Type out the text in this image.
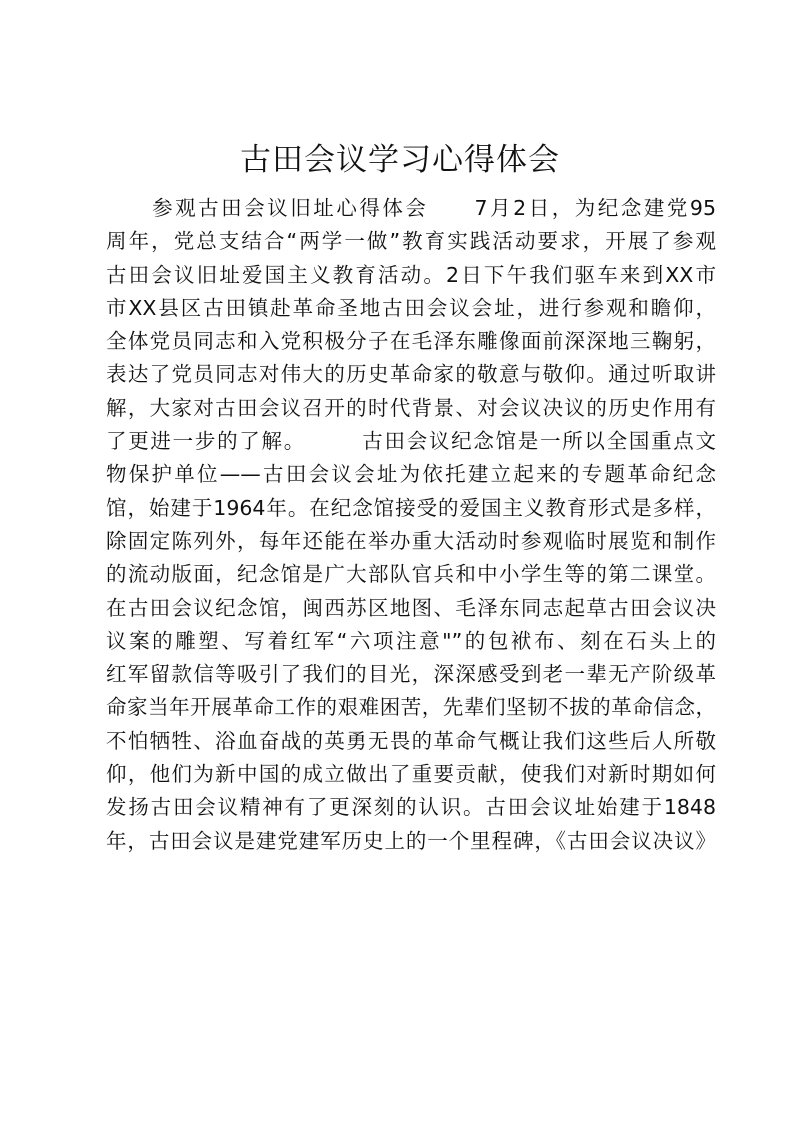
古田会议学习心得体会
　　参观古田会议旧址心得体会　　7月2日，为纪念建党95
周年，党总支结合“两学一做”教育实践活动要求，开展了参观
古田会议旧址爱国主义教育活动。2日下午我们驱车来到XX市
市XX县区古田镇赴革命圣地古田会议会址，进行参观和瞻仰，
全体党员同志和入党积极分子在毛泽东雕像面前深深地三鞠躬，
表达了党员同志对伟大的历史革命家的敬意与敬仰。通过听取讲
解，大家对古田会议召开的时代背景、对会议决议的历史作用有
了更进一步的了解。　　　古田会议纪念馆是一所以全国重点文
物保护单位——古田会议会址为依托建立起来的专题革命纪念
馆，始建于1964年。在纪念馆接受的爱国主义教育形式是多样，
除固定陈列外，每年还能在举办重大活动时参观临时展览和制作
的流动版面，纪念馆是广大部队官兵和中小学生等的第二课堂。
在古田会议纪念馆，闽西苏区地图、毛泽东同志起草古田会议决
议案的雕塑、写着红军“六项注意"”的包袱布、刻在石头上的
红军留款信等吸引了我们的目光，深深感受到老一辈无产阶级革
命家当年开展革命工作的艰难困苦，先辈们坚韧不拔的革命信念，
不怕牺牲、浴血奋战的英勇无畏的革命气概让我们这些后人所敬
仰，他们为新中国的成立做出了重要贡献，使我们对新时期如何
发扬古田会议精神有了更深刻的认识。古田会议址始建于1848
年，古田会议是建党建军历史上的一个里程碑，《古田会议决议》
